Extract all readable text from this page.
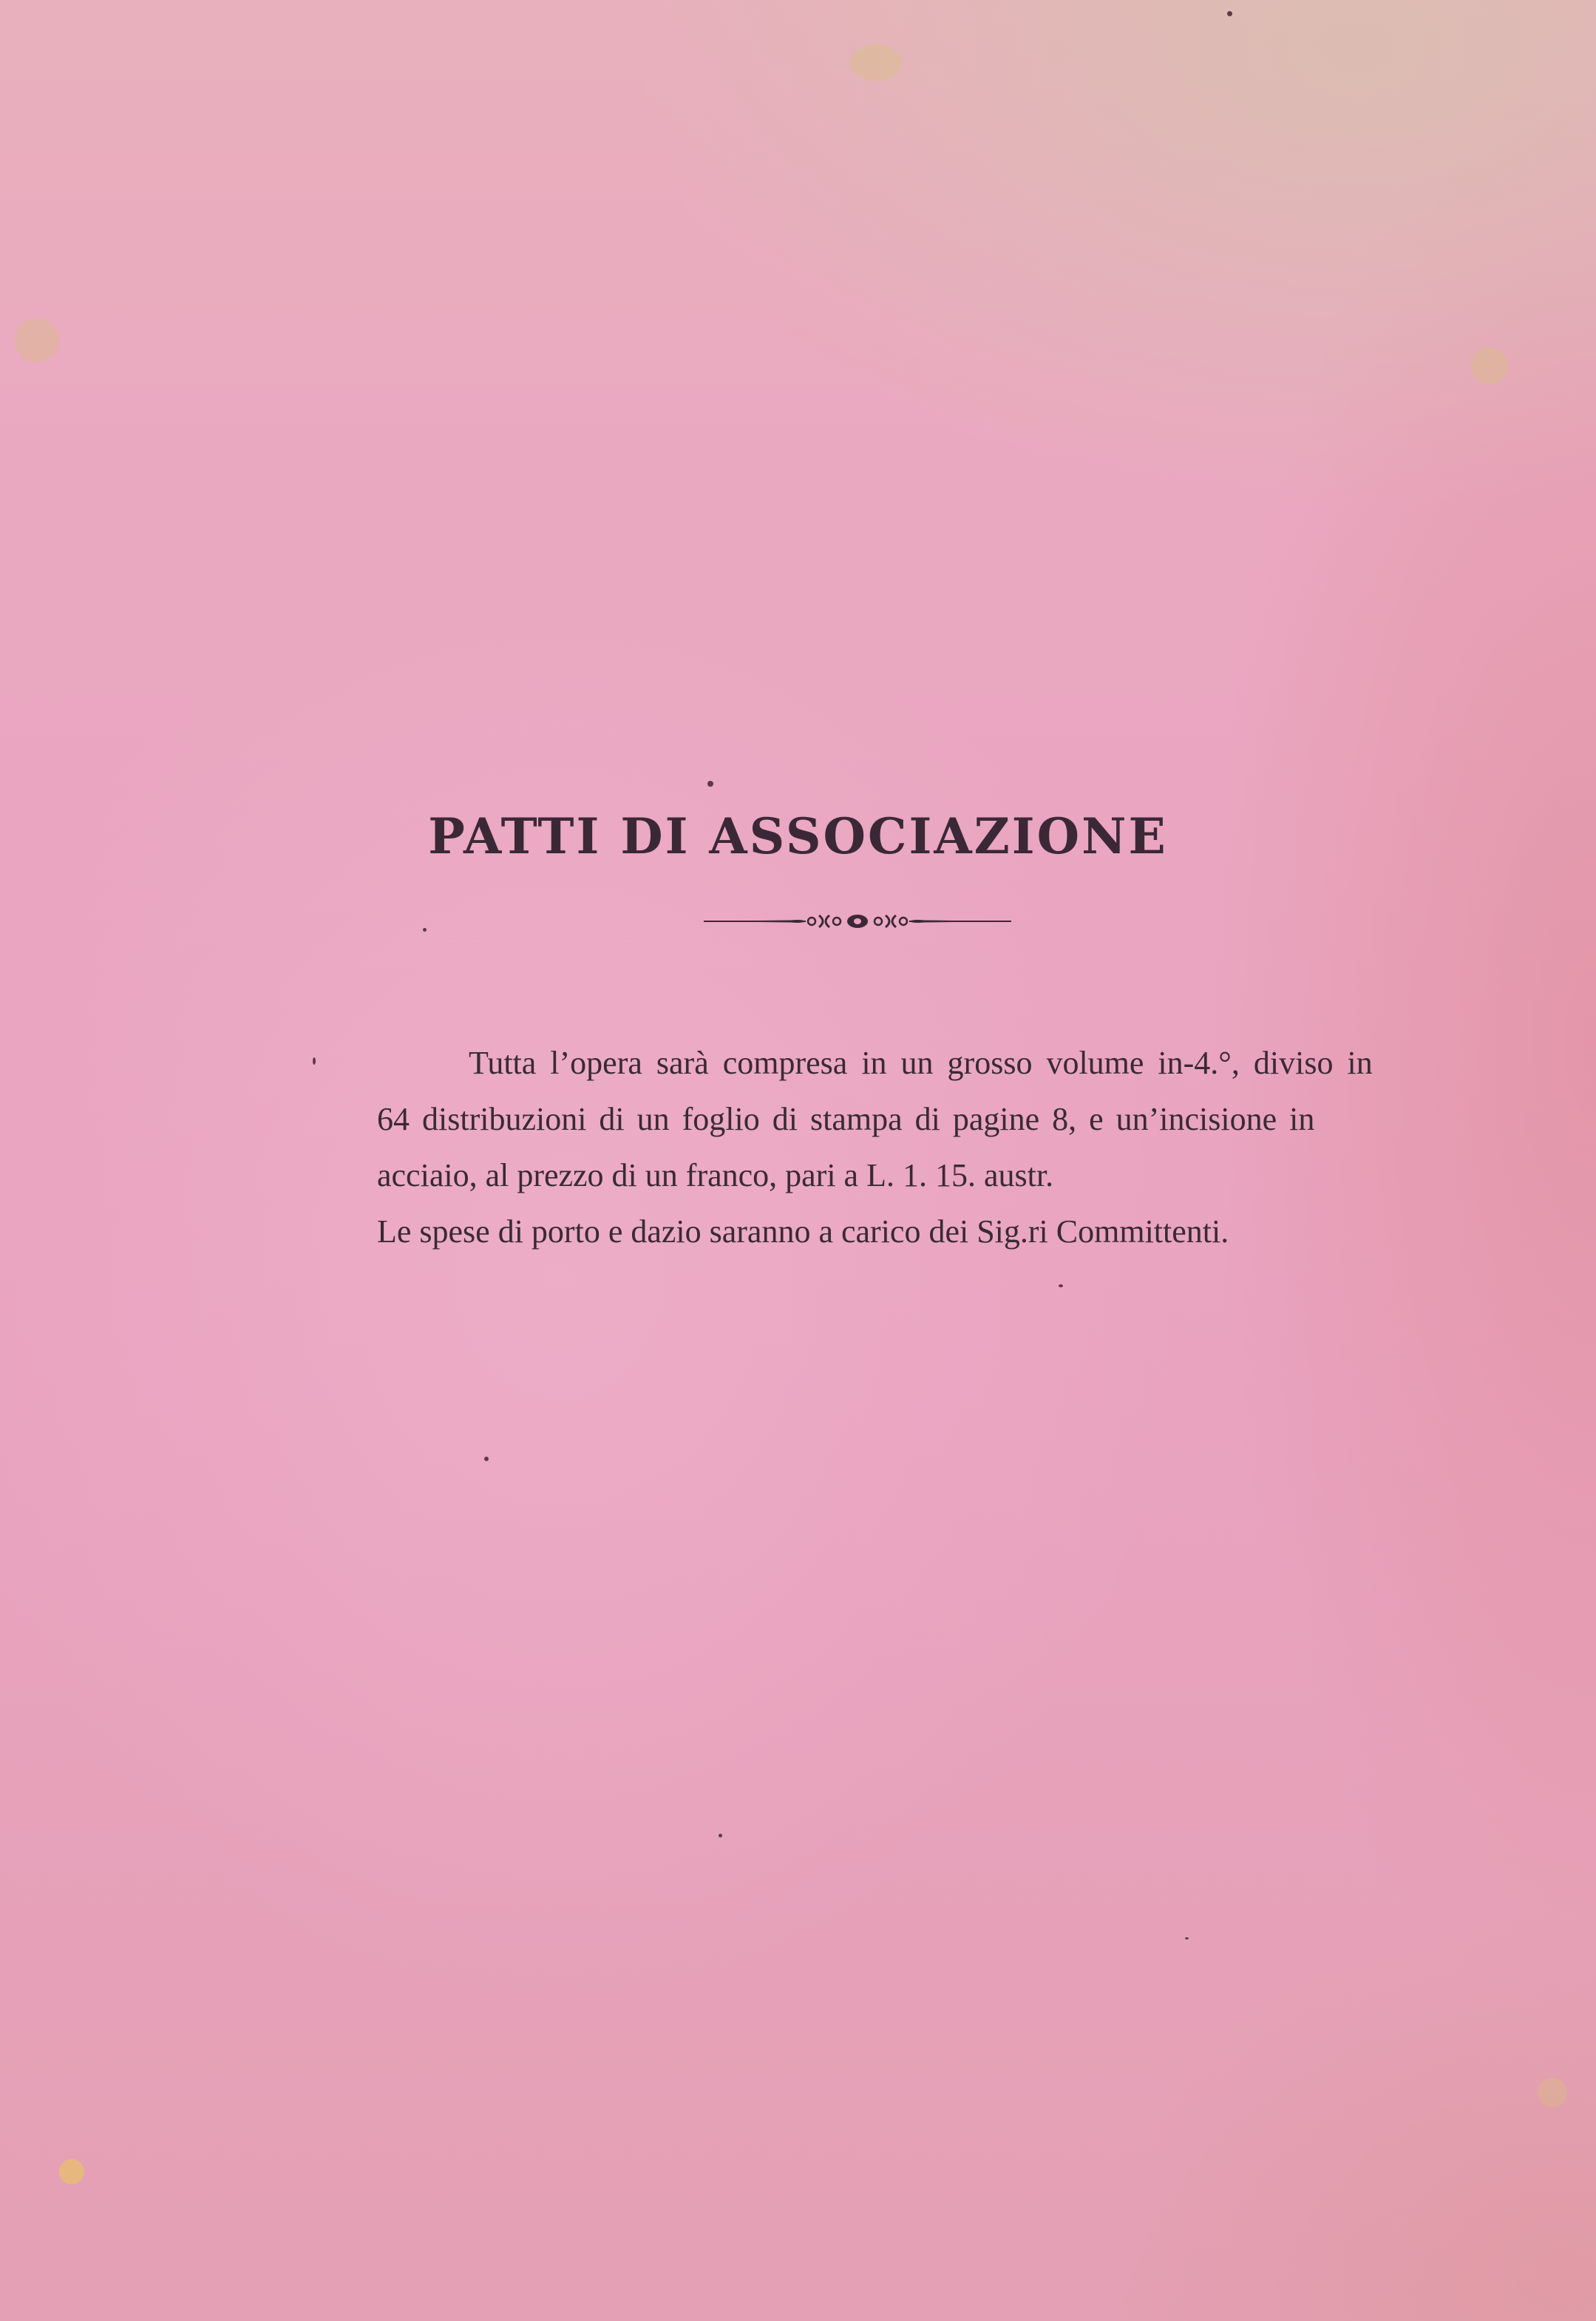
PATTI DI ASSOCIAZIONE
Tutta l’opera sarà compresa in un grosso volume in-4.°, diviso in
64 distribuzioni di un foglio di stampa di pagine 8, e un’incisione in
acciaio, al prezzo di un franco, pari a L. 1. 15. austr.
Le spese di porto e dazio saranno a carico dei Sig.ri Committenti.
